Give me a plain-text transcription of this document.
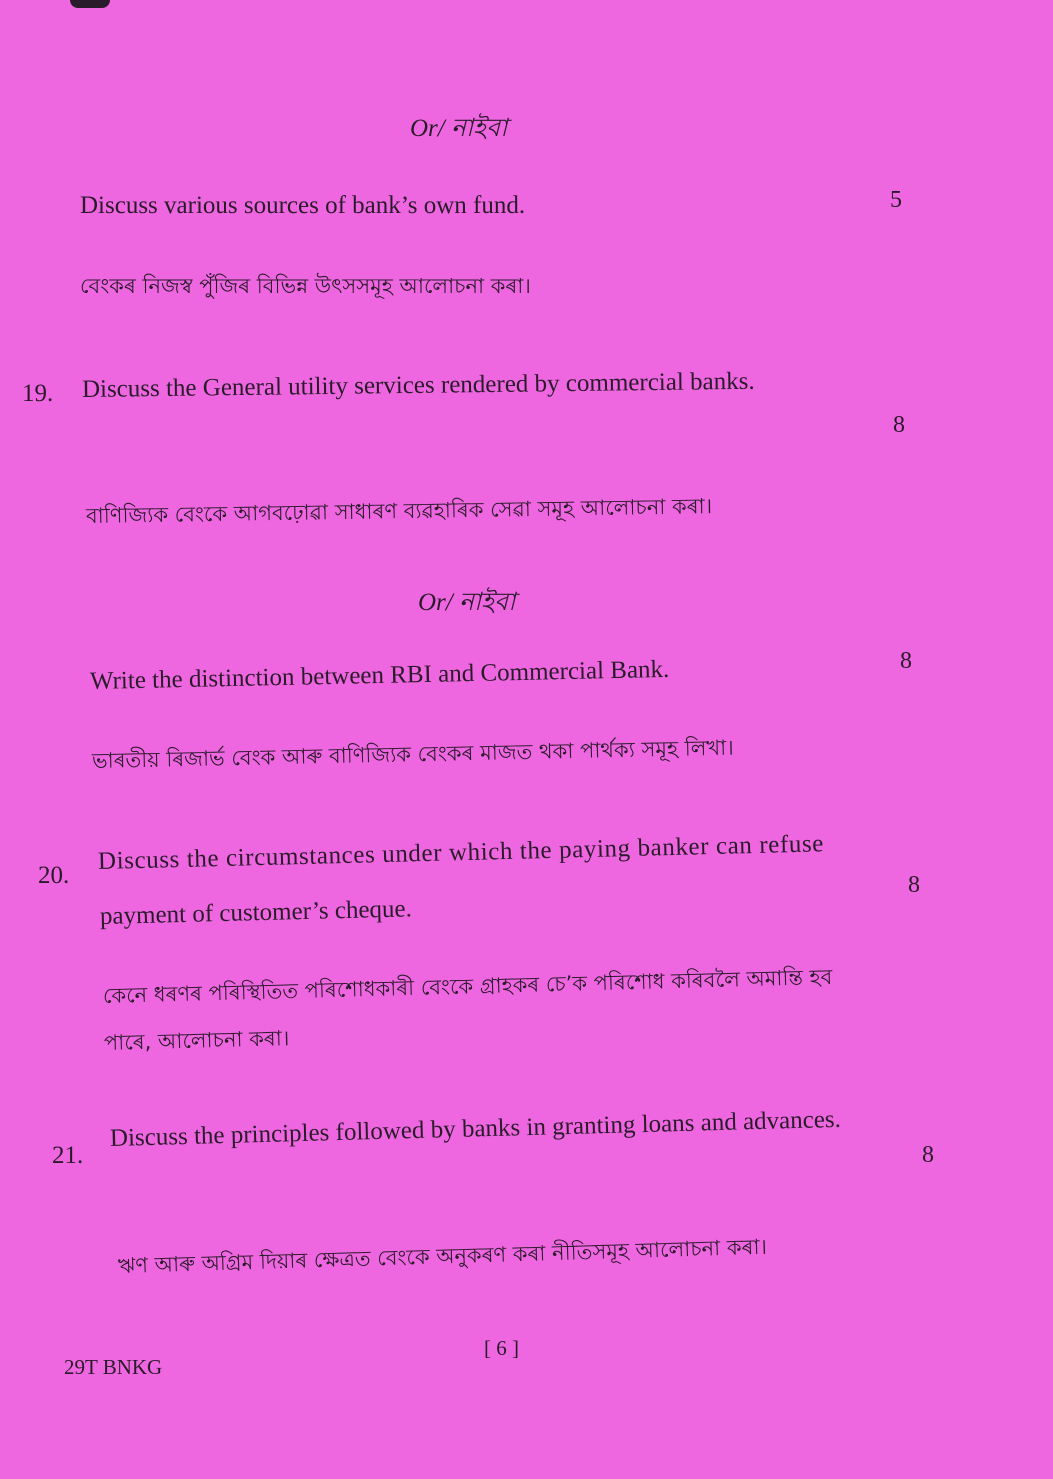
Or/ নাইবা
Discuss various sources of bank’s own fund.	5
বেংকৰ নিজস্ব পুঁজিৰ বিভিন্ন উৎসসমূহ আলোচনা কৰা।
19. Discuss the General utility services rendered by commercial banks.
8
বাণিজ্যিক বেংকে আগবঢ়োৱা সাধাৰণ ব্যৱহাৰিক সেৱা সমূহ আলোচনা কৰা।
Or/ নাইবা
Write the distinction between RBI and Commercial Bank.	8
ভাৰতীয় ৰিজাৰ্ভ বেংক আৰু বাণিজ্যিক বেংকৰ মাজত থকা পাৰ্থক্য সমূহ লিখা।
20.
Discuss the circumstances under which the paying banker can refuse
8
payment of customer’s cheque.
কেনে ধৰণৰ পৰিস্থিতিত পৰিশোধকাৰী বেংকে গ্ৰাহকৰ চে’ক পৰিশোধ কৰিবলৈ অমান্তি হব
পাৰে, আলোচনা কৰা।
21.
Discuss the principles followed by banks in granting loans and advances.
8
ঋণ আৰু অগ্ৰিম দিয়াৰ ক্ষেত্ৰত বেংকে অনুকৰণ কৰা নীতিসমূহ আলোচনা কৰা।
[ 6 ]
29T BNKG
